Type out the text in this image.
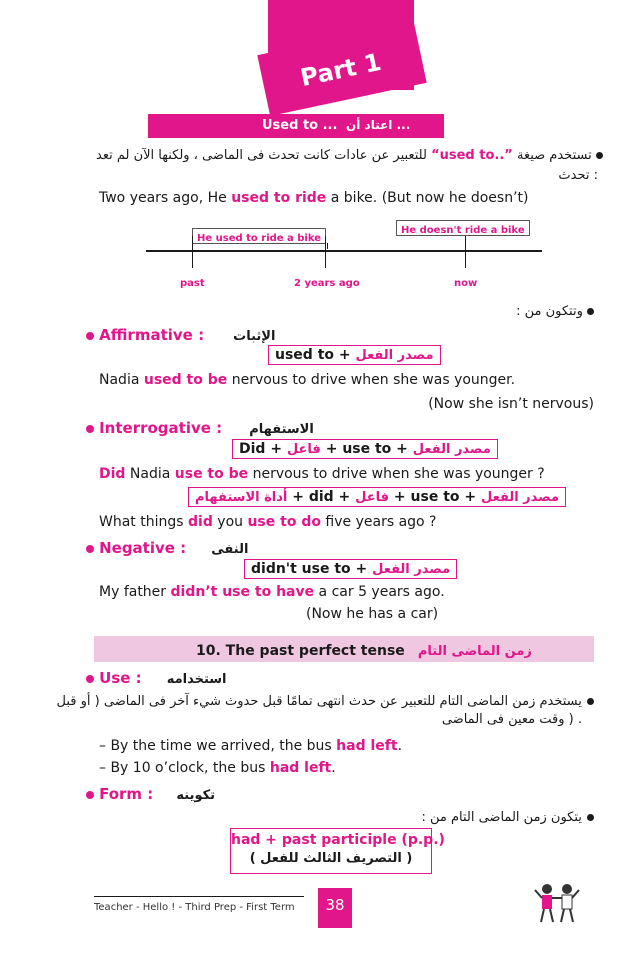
Part 1
Used to ... ... اعتاد أن
للتعبير عن عادات كانت تحدث فى الماضى ، ولكنها الآن لم تعد “used to..” تستخدم صيغة
: تحدث
Two years ago, He used to ride a bike. (But now he doesn’t)
He used to ride a bike
He doesn't ride a bike
past	2 years ago	now
: وتتكون من
Affirmative : الإثبات
used to + مصدر الفعل
Nadia used to be nervous to drive when she was younger.
(Now she isn’t nervous)
Interrogative : الاستفهام
Did + فاعل + use to + مصدر الفعل
Did Nadia use to be nervous to drive when she was younger ?
أداة الاستفهام + did + فاعل + use to + مصدر الفعل
What things did you use to do five years ago ?
Negative : النفى
didn't use to + مصدر الفعل
My father didn’t use to have a car 5 years ago.
(Now he has a car)
10. The past perfect tense زمن الماضى التام
Use : استخدامه
يستخدم زمن الماضى التام للتعبير عن حدث انتهى تمامًا قبل حدوث شيء آخر فى الماضى ( أو قبل
. ( وقت معين فى الماضى
– By the time we arrived, the bus had left.
– By 10 o’clock, the bus had left.
Form : تكوينه
: يتكون زمن الماضى التام من
had + past participle (p.p.)
( التصريف الثالث للفعل )
Teacher - Hello ! - Third Prep - First Term	38
